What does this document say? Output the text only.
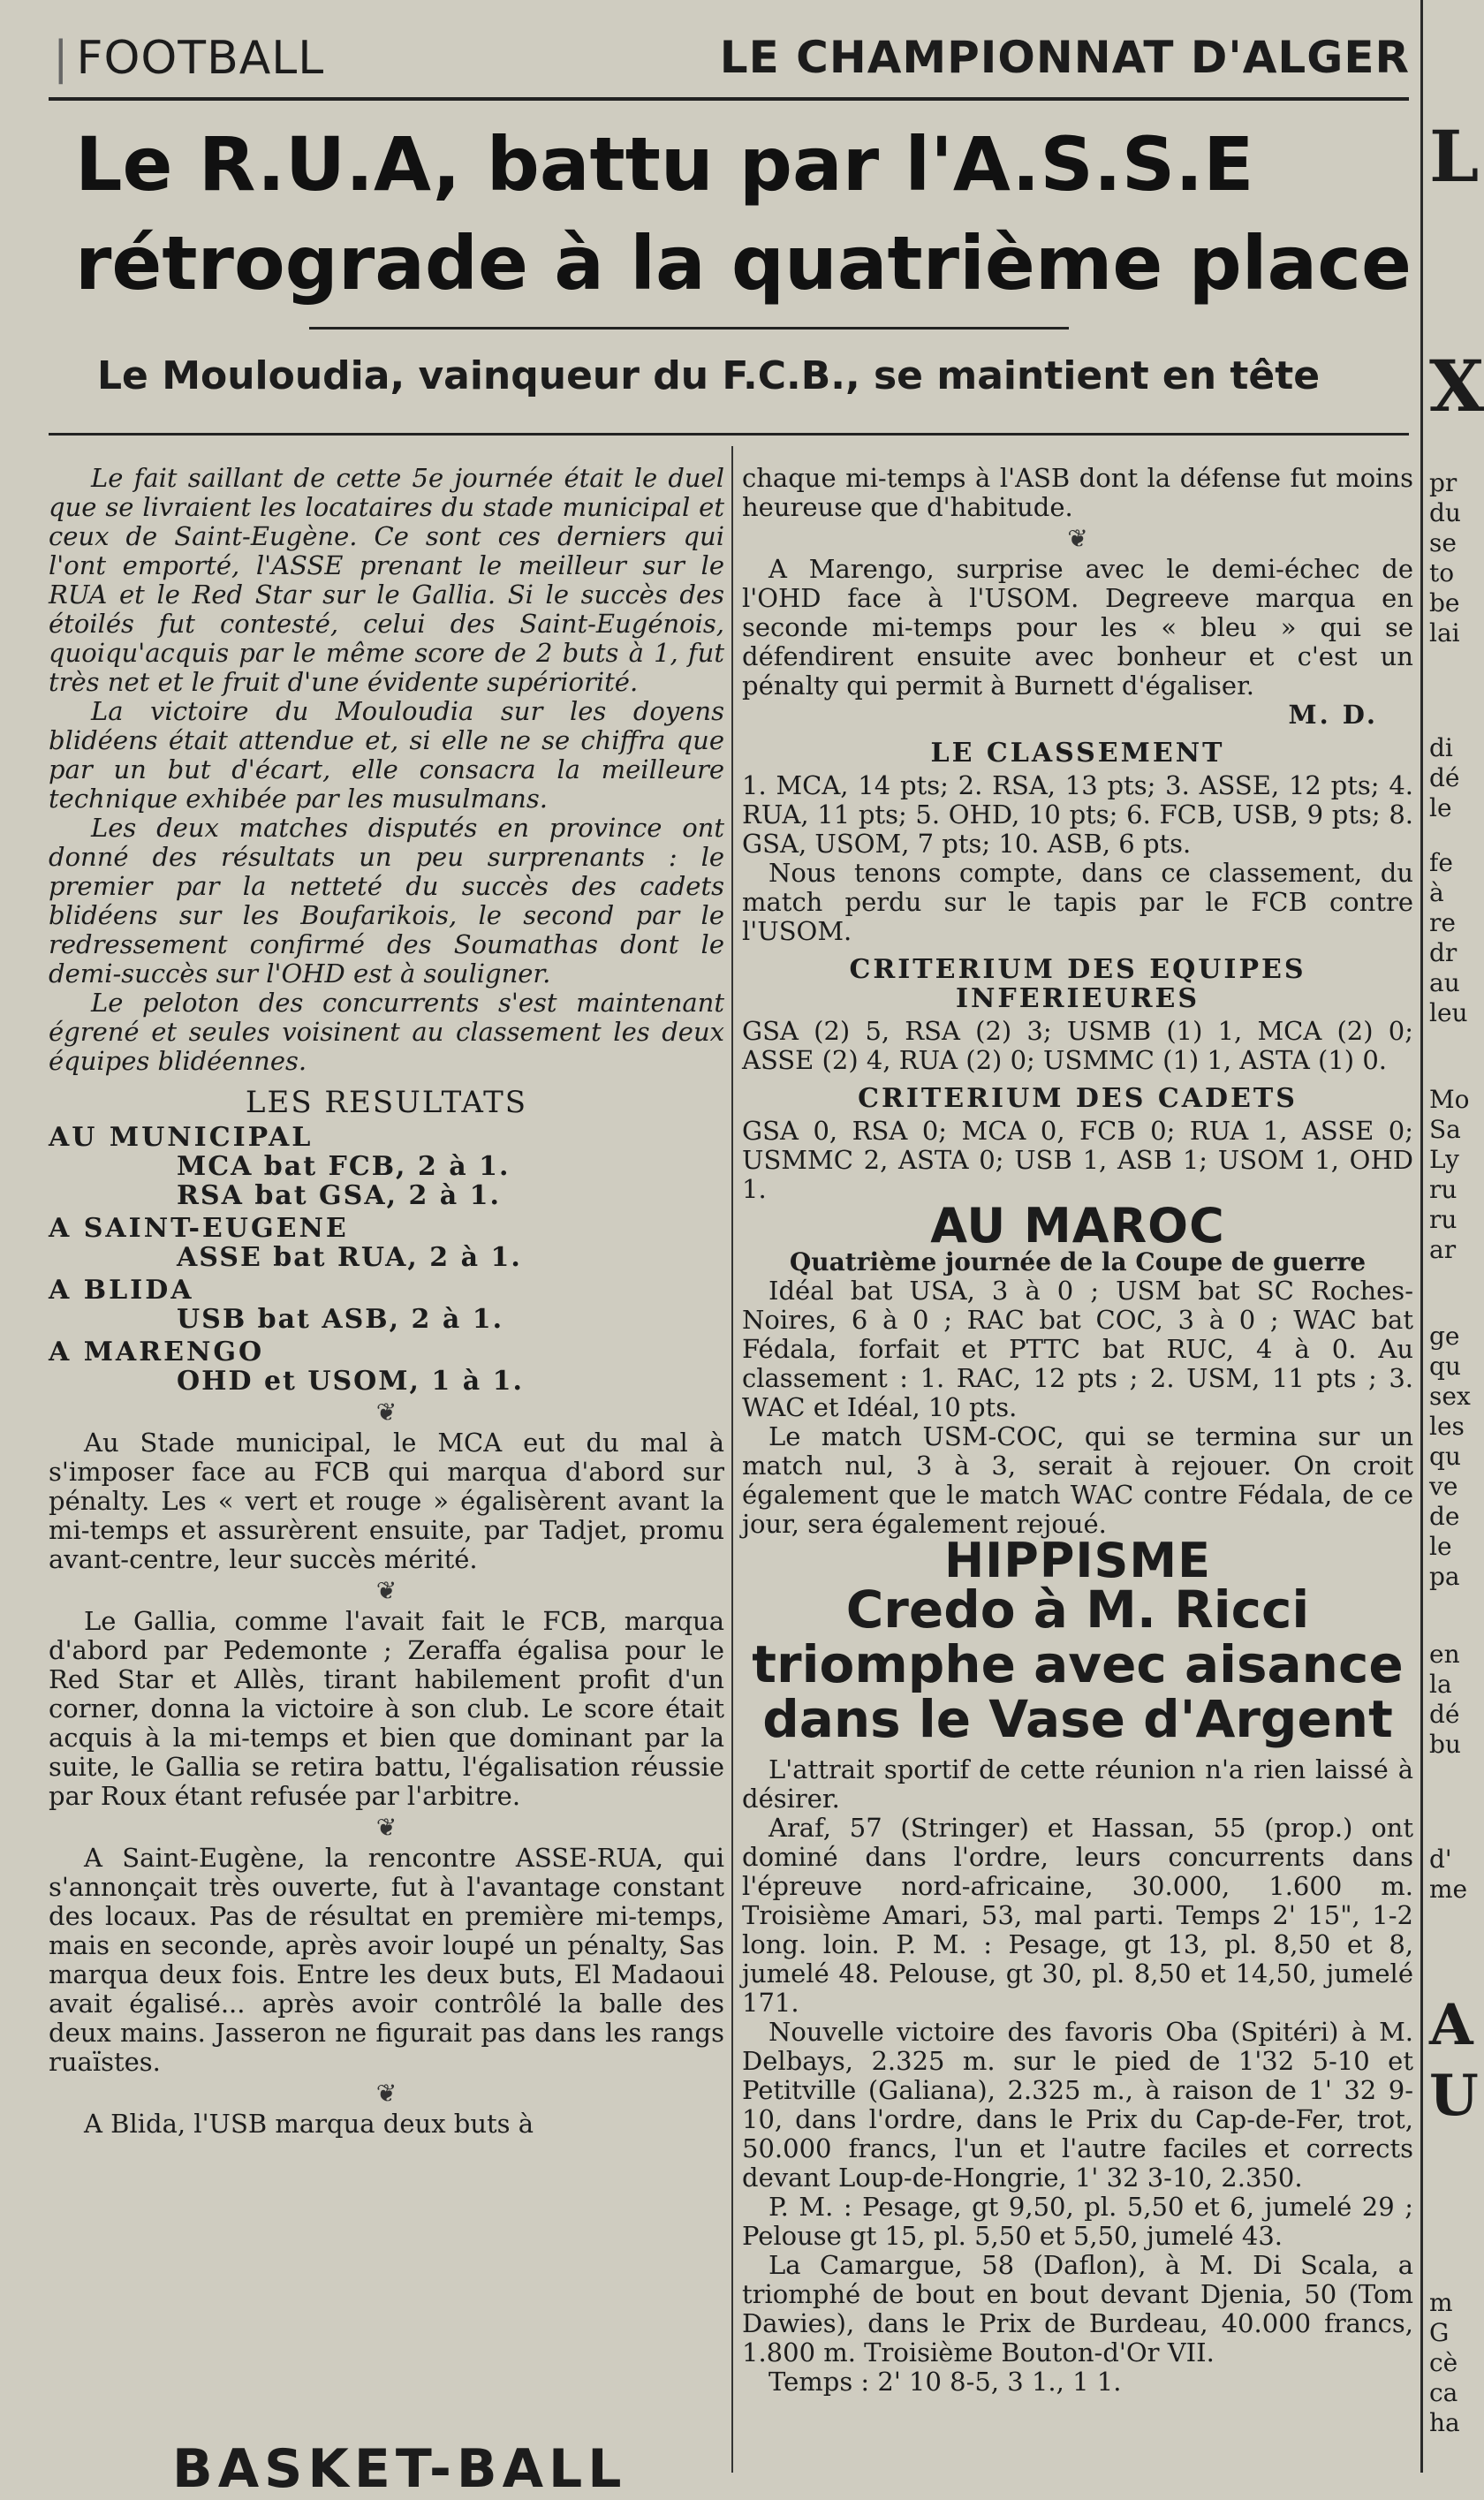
| FOOTBALL	LE CHAMPIONNAT D'ALGER
Le R.U.A, battu par l'A.S.S.E
rétrograde à la quatrième place
Le Mouloudia, vainqueur du F.C.B., se maintient en tête

Le fait saillant de cette 5e journée était le duel que se livraient les locataires du stade municipal et ceux de Saint-Eugène. Ce sont ces derniers qui l'ont emporté, l'ASSE prenant le meilleur sur le RUA et le Red Star sur le Gallia. Si le succès des étoilés fut contesté, celui des Saint-Eugénois, quoiqu'acquis par le même score de 2 buts à 1, fut très net et le fruit d'une évidente supériorité.

La victoire du Mouloudia sur les doyens blidéens était attendue et, si elle ne se chiffra que par un but d'écart, elle consacra la meilleure technique exhibée par les musulmans.

Les deux matches disputés en province ont donné des résultats un peu surprenants : le premier par la netteté du succès des cadets blidéens sur les Boufarikois, le second par le redressement confirmé des Soumathas dont le demi-succès sur l'OHD est à souligner.

Le peloton des concurrents s'est maintenant égrené et seules voisinent au classement les deux équipes blidéennes.

LES RESULTATS
AU MUNICIPAL
MCA bat FCB, 2 à 1.
RSA bat GSA, 2 à 1.
A SAINT-EUGENE
ASSE bat RUA, 2 à 1.
A BLIDA
USB bat ASB, 2 à 1.
A MARENGO
OHD et USOM, 1 à 1.
❦

Au Stade municipal, le MCA eut du mal à s'imposer face au FCB qui marqua d'abord sur pénalty. Les « vert et rouge » égalisèrent avant la mi-temps et assurèrent ensuite, par Tadjet, promu avant-centre, leur succès mérité.

❦

Le Gallia, comme l'avait fait le FCB, marqua d'abord par Pedemonte ; Zeraffa égalisa pour le Red Star et Allès, tirant habilement profit d'un corner, donna la victoire à son club. Le score était acquis à la mi-temps et bien que dominant par la suite, le Gallia se retira battu, l'égalisation réussie par Roux étant refusée par l'arbitre.

❦

A Saint-Eugène, la rencontre ASSE-RUA, qui s'annonçait très ouverte, fut à l'avantage constant des locaux. Pas de résultat en première mi-temps, mais en seconde, après avoir loupé un pénalty, Sas marqua deux fois. Entre les deux buts, El Madaoui avait égalisé... après avoir contrôlé la balle des deux mains. Jasseron ne figurait pas dans les rangs ruaïstes.

❦

A Blida, l'USB marqua deux buts à

chaque mi-temps à l'ASB dont la défense fut moins heureuse que d'habitude.

❦

A Marengo, surprise avec le demi-échec de l'OHD face à l'USOM. Degreeve marqua en seconde mi-temps pour les « bleu » qui se défendirent ensuite avec bonheur et c'est un pénalty qui permit à Burnett d'égaliser.

M. D.
LE CLASSEMENT

1. MCA, 14 pts; 2. RSA, 13 pts; 3. ASSE, 12 pts; 4. RUA, 11 pts; 5. OHD, 10 pts; 6. FCB, USB, 9 pts; 8. GSA, USOM, 7 pts; 10. ASB, 6 pts.

Nous tenons compte, dans ce classement, du match perdu sur le tapis par le FCB contre l'USOM.

CRITERIUM DES EQUIPES INFERIEURES

GSA (2) 5, RSA (2) 3; USMB (1) 1, MCA (2) 0; ASSE (2) 4, RUA (2) 0; USMMC (1) 1, ASTA (1) 0.

CRITERIUM DES CADETS

GSA 0, RSA 0; MCA 0, FCB 0; RUA 1, ASSE 0; USMMC 2, ASTA 0; USB 1, ASB 1; USOM 1, OHD 1.

AU MAROC
Quatrième journée de la Coupe de guerre

Idéal bat USA, 3 à 0 ; USM bat SC Roches-Noires, 6 à 0 ; RAC bat COC, 3 à 0 ; WAC bat Fédala, forfait et PTTC bat RUC, 4 à 0. Au classement : 1. RAC, 12 pts ; 2. USM, 11 pts ; 3. WAC et Idéal, 10 pts.

Le match USM-COC, qui se termina sur un match nul, 3 à 3, serait à rejouer. On croit également que le match WAC contre Fédala, de ce jour, sera également rejoué.

HIPPISME
Credo à M. Ricci
triomphe avec aisance
dans le Vase d'Argent

L'attrait sportif de cette réunion n'a rien laissé à désirer.

Araf, 57 (Stringer) et Hassan, 55 (prop.) ont dominé dans l'ordre, leurs concurrents dans l'épreuve nord-africaine, 30.000, 1.600 m. Troisième Amari, 53, mal parti. Temps 2' 15", 1-2 long. loin. P. M. : Pesage, gt 13, pl. 8,50 et 8, jumelé 48. Pelouse, gt 30, pl. 8,50 et 14,50, jumelé 171.

Nouvelle victoire des favoris Oba (Spitéri) à M. Delbays, 2.325 m. sur le pied de 1'32 5-10 et Petitville (Galiana), 2.325 m., à raison de 1' 32 9-10, dans l'ordre, dans le Prix du Cap-de-Fer, trot, 50.000 francs, l'un et l'autre faciles et corrects devant Loup-de-Hongrie, 1' 32 3-10, 2.350.

P. M. : Pesage, gt 9,50, pl. 5,50 et 6, jumelé 29 ; Pelouse gt 15, pl. 5,50 et 5,50, jumelé 43.

La Camargue, 58 (Daflon), à M. Di Scala, a triomphé de bout en bout devant Djenia, 50 (Tom Dawies), dans le Prix de Burdeau, 40.000 francs, 1.800 m. Troisième Bouton-d'Or VII.

Temps : 2' 10 8-5, 3 1., 1 1.

L
X
pr
du
se
to
be
lai
di
dé
le
fe
à
re
dr
au
leu
Mo
Sa
Ly
ru
ru
ar
ge
qu
sex
les
qu
ve
de
le
pa
en
la
dé
bu
d'
me
A
U
m
G
cè
ca
ha
BASKET-BALL
